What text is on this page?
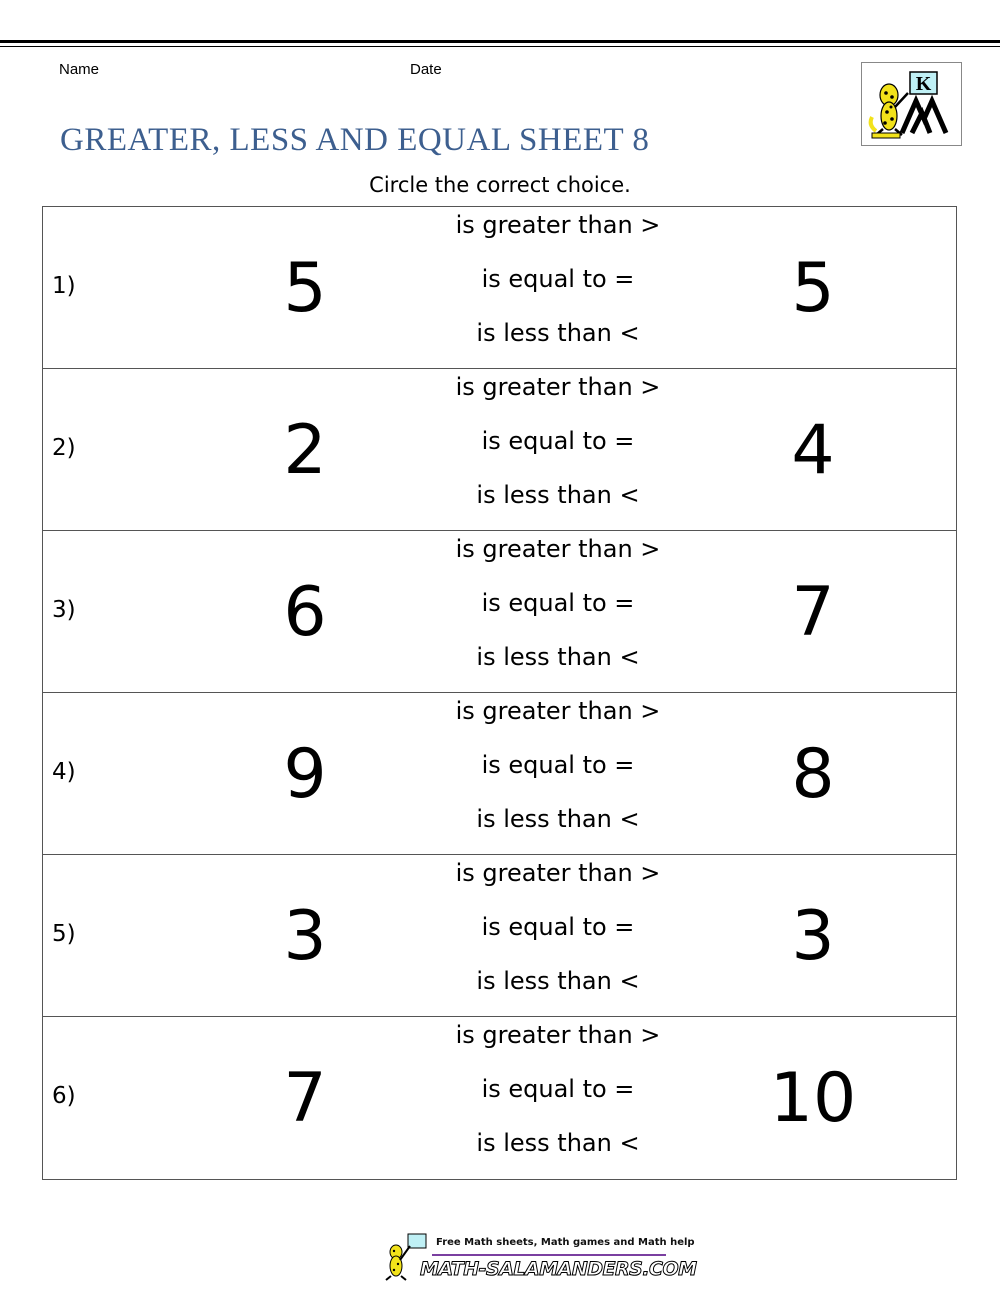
Name	Date
K
GREATER, LESS AND EQUAL SHEET 8
Circle the correct choice.
1)	5
is greater than >
is equal to =
is less than <
5
2)	2
is greater than >
is equal to =
is less than <
4
3)	6
is greater than >
is equal to =
is less than <
7
4)	9
is greater than >
is equal to =
is less than <
8
5)	3
is greater than >
is equal to =
is less than <
3
6)	7
is greater than >
is equal to =
is less than <
10
Free Math sheets, Math games and Math help
MATH-SALAMANDERS.COM
